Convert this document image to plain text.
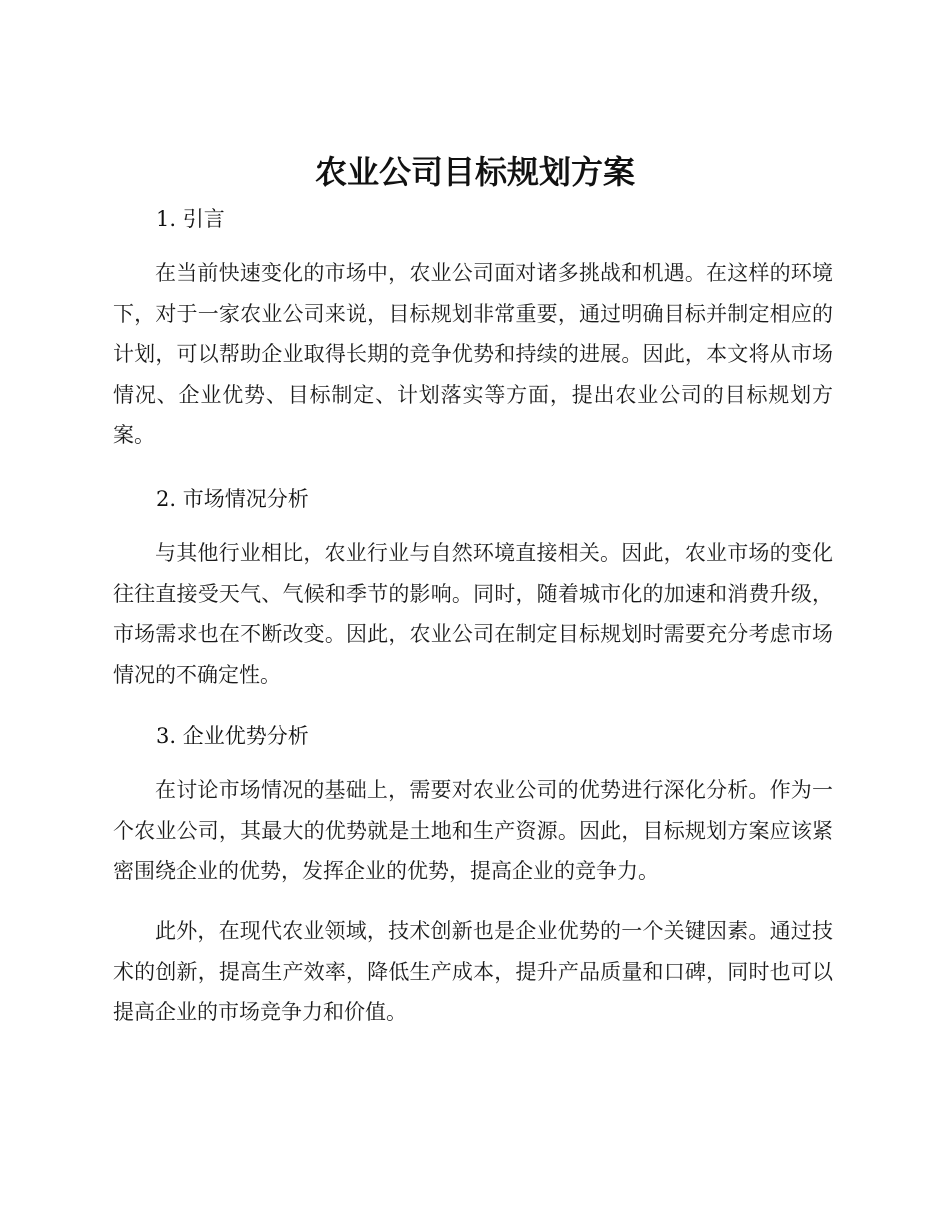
农业公司目标规划方案
1. 引言

在当前快速变化的市场中，农业公司面对诸多挑战和机遇。在这样的环境下，对于一家农业公司来说，目标规划非常重要，通过明确目标并制定相应的计划，可以帮助企业取得长期的竞争优势和持续的进展。因此，本文将从市场情况、企业优势、目标制定、计划落实等方面，提出农业公司的目标规划方案。

2. 市场情况分析

与其他行业相比，农业行业与自然环境直接相关。因此，农业市场的变化往往直接受天气、气候和季节的影响。同时，随着城市化的加速和消费升级，市场需求也在不断改变。因此，农业公司在制定目标规划时需要充分考虑市场情况的不确定性。

3. 企业优势分析

在讨论市场情况的基础上，需要对农业公司的优势进行深化分析。作为一个农业公司，其最大的优势就是土地和生产资源。因此，目标规划方案应该紧密围绕企业的优势，发挥企业的优势，提高企业的竞争力。

此外，在现代农业领域，技术创新也是企业优势的一个关键因素。通过技术的创新，提高生产效率，降低生产成本，提升产品质量和口碑，同时也可以提高企业的市场竞争力和价值。
